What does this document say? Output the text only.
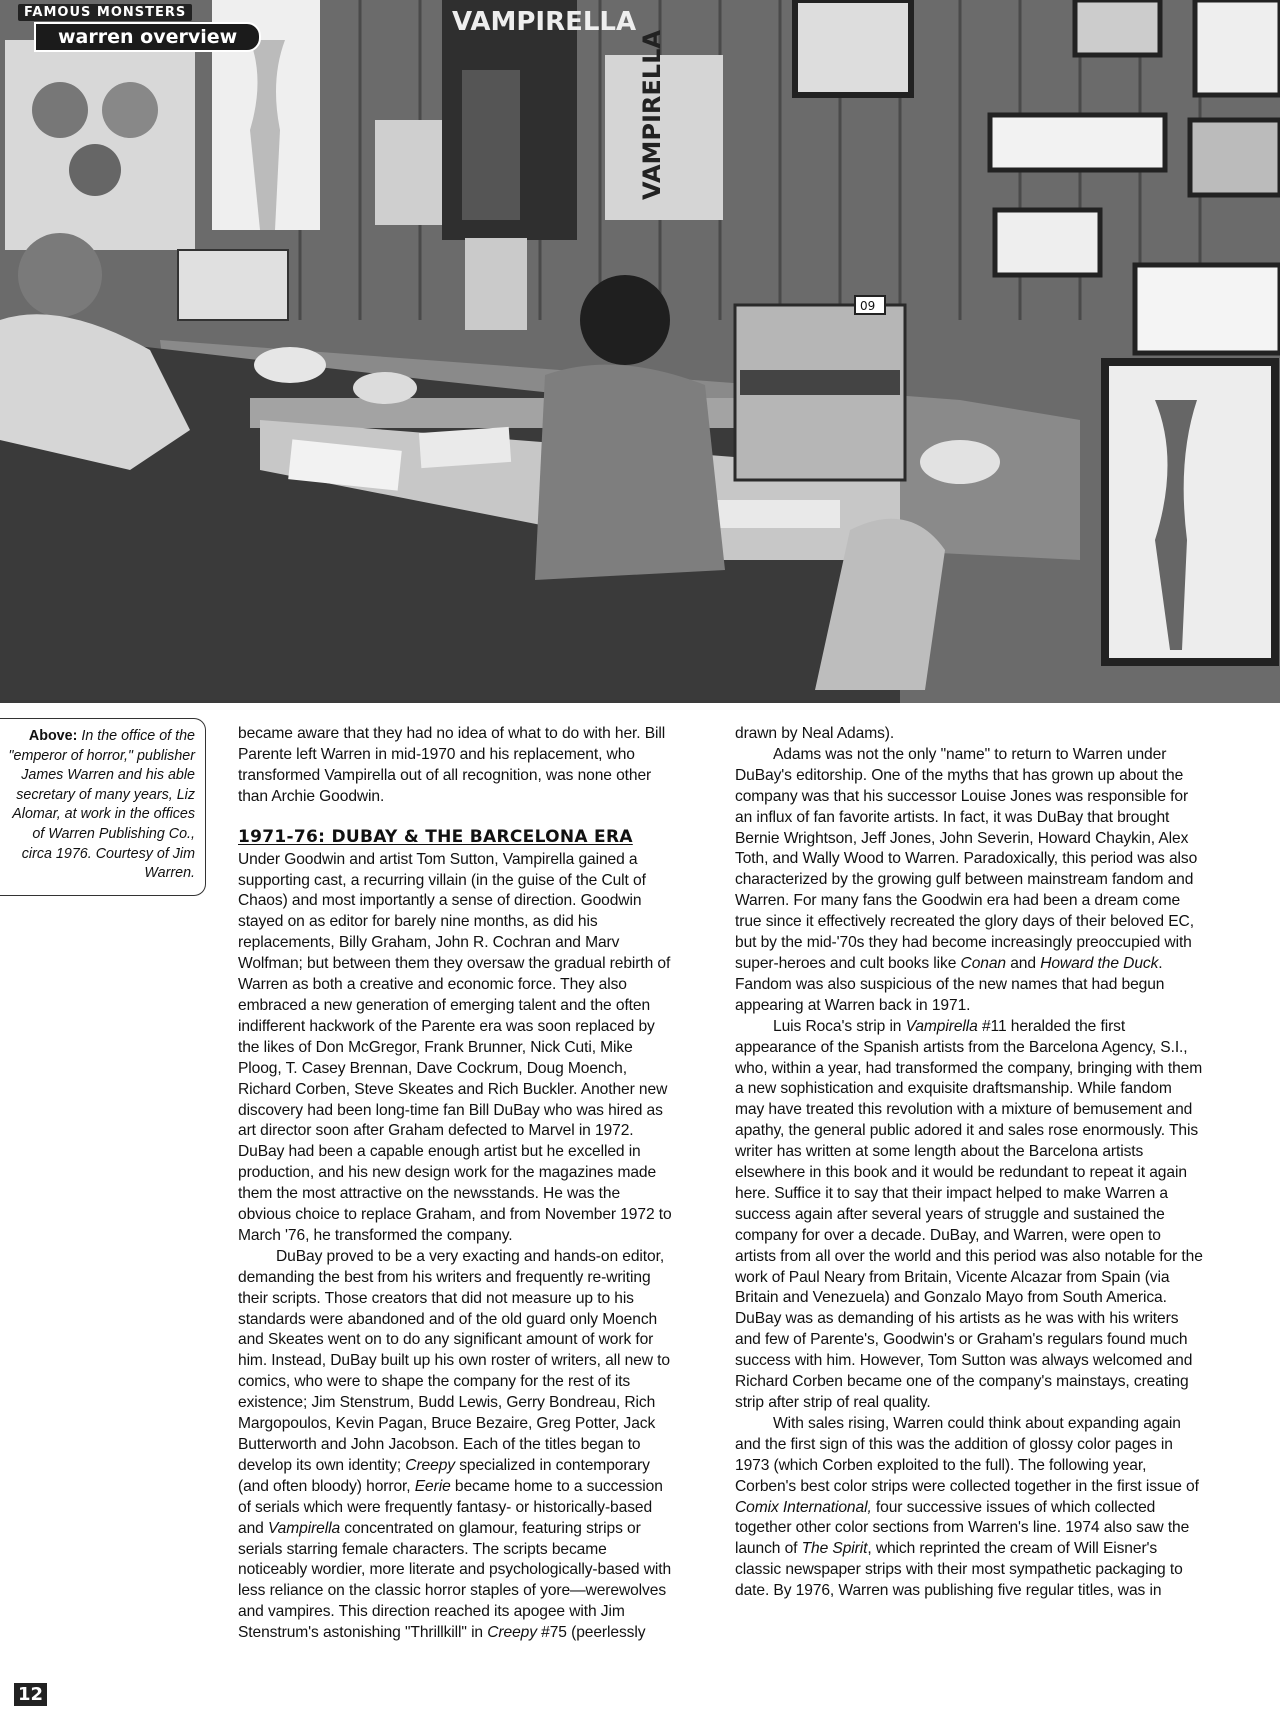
VAMPIRELLA
VAMPIRELLA
09
FAMOUS MONSTERS
warren overview
Above: In the office of the "emperor of horror," publisher James Warren and his able secretary of many years, Liz Alomar, at work in the offices of Warren Publishing Co., circa 1976. Courtesy of Jim Warren.

became aware that they had no idea of what to do with her. Bill Parente left Warren in mid-1970 and his replacement, who transformed Vampirella out of all recognition, was none other than Archie Goodwin.

1971-76: DUBAY & THE BARCELONA ERA

Under Goodwin and artist Tom Sutton, Vampirella gained a supporting cast, a recurring villain (in the guise of the Cult of Chaos) and most importantly a sense of direction. Goodwin stayed on as editor for barely nine months, as did his replacements, Billy Graham, John R. Cochran and Marv Wolfman; but between them they oversaw the gradual rebirth of Warren as both a creative and economic force. They also embraced a new generation of emerging talent and the often indifferent hackwork of the Parente era was soon replaced by the likes of Don McGregor, Frank Brunner, Nick Cuti, Mike Ploog, T. Casey Brennan, Dave Cockrum, Doug Moench, Richard Corben, Steve Skeates and Rich Buckler. Another new discovery had been long-time fan Bill DuBay who was hired as art director soon after Graham defected to Marvel in 1972. DuBay had been a capable enough artist but he excelled in production, and his new design work for the magazines made them the most attractive on the newsstands. He was the obvious choice to replace Graham, and from November 1972 to March '76, he transformed the company.

DuBay proved to be a very exacting and hands-on editor, demanding the best from his writers and frequently re-writing their scripts. Those creators that did not measure up to his standards were abandoned and of the old guard only Moench and Skeates went on to do any significant amount of work for him. Instead, DuBay built up his own roster of writers, all new to comics, who were to shape the company for the rest of its existence; Jim Stenstrum, Budd Lewis, Gerry Bondreau, Rich Margopoulos, Kevin Pagan, Bruce Bezaire, Greg Potter, Jack Butterworth and John Jacobson. Each of the titles began to develop its own identity; Creepy specialized in contemporary (and often bloody) horror, Eerie became home to a succession of serials which were frequently fantasy- or historically-based and Vampirella concentrated on glamour, featuring strips or serials starring female characters. The scripts became noticeably wordier, more literate and psychologically-based with less reliance on the classic horror staples of yore—werewolves and vampires. This direction reached its apogee with Jim Stenstrum's astonishing "Thrillkill" in Creepy #75 (peerlessly

drawn by Neal Adams).

Adams was not the only "name" to return to Warren under DuBay's editorship. One of the myths that has grown up about the company was that his successor Louise Jones was responsible for an influx of fan favorite artists. In fact, it was DuBay that brought Bernie Wrightson, Jeff Jones, John Severin, Howard Chaykin, Alex Toth, and Wally Wood to Warren. Paradoxically, this period was also characterized by the growing gulf between mainstream fandom and Warren. For many fans the Goodwin era had been a dream come true since it effectively recreated the glory days of their beloved EC, but by the mid-'70s they had become increasingly preoccupied with super-heroes and cult books like Conan and Howard the Duck. Fandom was also suspicious of the new names that had begun appearing at Warren back in 1971.

Luis Roca's strip in Vampirella #11 heralded the first appearance of the Spanish artists from the Barcelona Agency, S.I., who, within a year, had transformed the company, bringing with them a new sophistication and exquisite draftsmanship. While fandom may have treated this revolution with a mixture of bemusement and apathy, the general public adored it and sales rose enormously. This writer has written at some length about the Barcelona artists elsewhere in this book and it would be redundant to repeat it again here. Suffice it to say that their impact helped to make Warren a success again after several years of struggle and sustained the company for over a decade. DuBay, and Warren, were open to artists from all over the world and this period was also notable for the work of Paul Neary from Britain, Vicente Alcazar from Spain (via Britain and Venezuela) and Gonzalo Mayo from South America. DuBay was as demanding of his artists as he was with his writers and few of Parente's, Goodwin's or Graham's regulars found much success with him. However, Tom Sutton was always welcomed and Richard Corben became one of the company's mainstays, creating strip after strip of real quality.

With sales rising, Warren could think about expanding again and the first sign of this was the addition of glossy color pages in 1973 (which Corben exploited to the full). The following year, Corben's best color strips were collected together in the first issue of Comix International, four successive issues of which collected together other color sections from Warren's line. 1974 also saw the launch of The Spirit, which reprinted the cream of Will Eisner's classic newspaper strips with their most sympathetic packaging to date. By 1976, Warren was publishing five regular titles, was in

12
